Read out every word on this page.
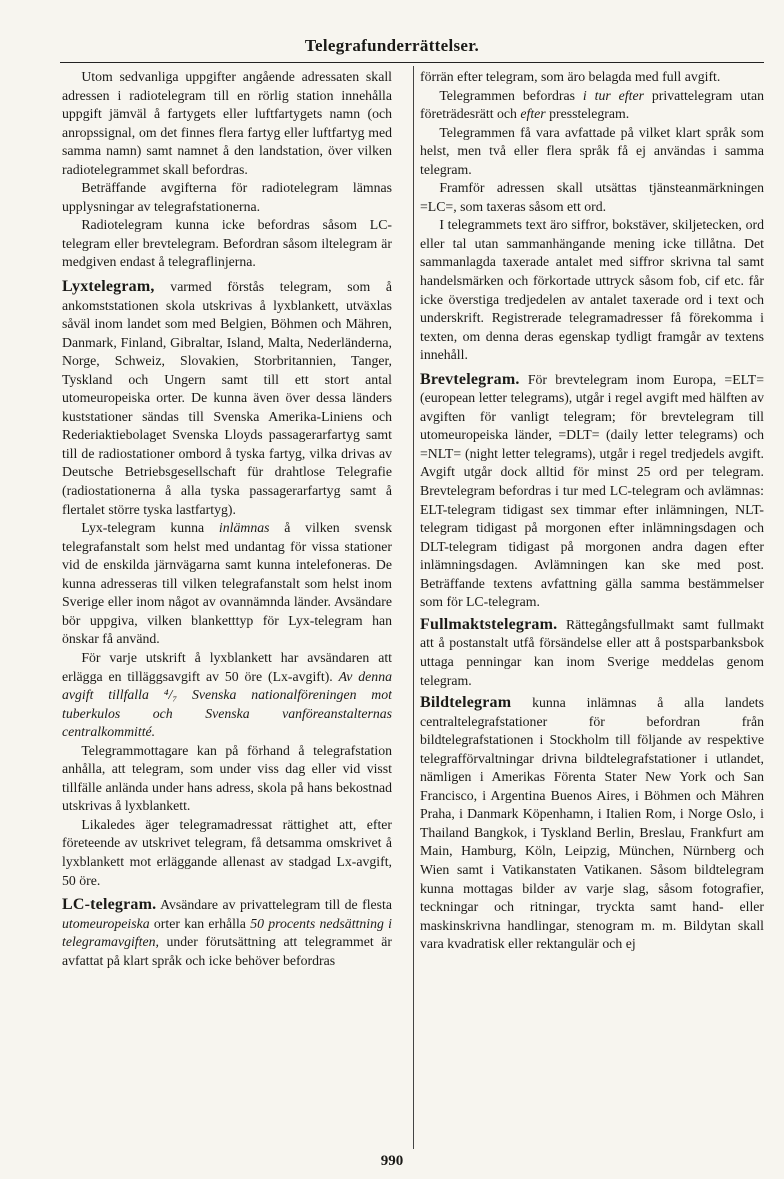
Telegrafunderrättelser.

Utom sedvanliga uppgifter angående adressaten skall adressen i radiotelegram till en rörlig station innehålla uppgift jämväl å fartygets eller luftfartygets namn (och anropssignal, om det finnes flera fartyg eller luftfartyg med samma namn) samt namnet å den landstation, över vilken radiotelegrammet skall befordras.

Beträffande avgifterna för radiotelegram lämnas upplysningar av telegrafstationerna.

Radiotelegram kunna icke befordras såsom LC-telegram eller brevtelegram. Befordran såsom iltelegram är medgiven endast å telegraflinjerna.

Lyxtelegram, varmed förstås telegram, som å ankomststationen skola utskrivas å lyxblankett, utväxlas såväl inom landet som med Belgien, Böhmen och Mähren, Danmark, Finland, Gibraltar, Island, Malta, Nederländerna, Norge, Schweiz, Slovakien, Storbritannien, Tanger, Tyskland och Ungern samt till ett stort antal utomeuropeiska orter. De kunna även över dessa länders kuststationer sändas till Svenska Amerika-Liniens och Rederiaktiebolaget Svenska Lloyds passagerarfartyg samt till de radiostationer ombord å tyska fartyg, vilka drivas av Deutsche Betriebsgesellschaft für drahtlose Telegrafie (radiostationerna å alla tyska passagerarfartyg samt å flertalet större tyska lastfartyg).

Lyx-telegram kunna inlämnas å vilken svensk telegrafanstalt som helst med undantag för vissa stationer vid de enskilda järnvägarna samt kunna intelefoneras. De kunna adresseras till vilken telegrafanstalt som helst inom Sverige eller inom något av ovannämnda länder. Avsändare bör uppgiva, vilken blanketttyp för Lyx-telegram han önskar få använd.

För varje utskrift å lyxblankett har avsändaren att erlägga en tilläggsavgift av 50 öre (Lx-avgift). Av denna avgift tillfalla ⁴/₇ Svenska nationalföreningen mot tuberkulos och Svenska vanföreanstalternas centralkommitté.

Telegrammottagare kan på förhand å telegrafstation anhålla, att telegram, som under viss dag eller vid visst tillfälle anlända under hans adress, skola på hans bekostnad utskrivas å lyxblankett.

Likaledes äger telegramadressat rättighet att, efter företeende av utskrivet telegram, få detsamma omskrivet å lyxblankett mot erläggande allenast av stadgad Lx-avgift, 50 öre.

LC-telegram. Avsändare av privattelegram till de flesta utomeuropeiska orter kan erhålla 50 procents nedsättning i telegramavgiften, under förutsättning att telegrammet är avfattat på klart språk och icke behöver befordras

förrän efter telegram, som äro belagda med full avgift.

Telegrammen befordras i tur efter privattelegram utan företrädesrätt och efter presstelegram.

Telegrammen få vara avfattade på vilket klart språk som helst, men två eller flera språk få ej användas i samma telegram.

Framför adressen skall utsättas tjänsteanmärkningen =LC=, som taxeras såsom ett ord.

I telegrammets text äro siffror, bokstäver, skiljetecken, ord eller tal utan sammanhängande mening icke tillåtna. Det sammanlagda taxerade antalet med siffror skrivna tal samt handelsmärken och förkortade uttryck såsom fob, cif etc. får icke överstiga tredjedelen av antalet taxerade ord i text och underskrift. Registrerade telegramadresser få förekomma i texten, om denna deras egenskap tydligt framgår av textens innehåll.

Brevtelegram. För brevtelegram inom Europa, =ELT= (european letter telegrams), utgår i regel avgift med hälften av avgiften för vanligt telegram; för brevtelegram till utomeuropeiska länder, =DLT= (daily letter telegrams) och =NLT= (night letter telegrams), utgår i regel tredjedels avgift. Avgift utgår dock alltid för minst 25 ord per telegram. Brevtelegram befordras i tur med LC-telegram och avlämnas: ELT-telegram tidigast sex timmar efter inlämningen, NLT-telegram tidigast på morgonen efter inlämningsdagen och DLT-telegram tidigast på morgonen andra dagen efter inlämningsdagen. Avlämningen kan ske med post. Beträffande textens avfattning gälla samma bestämmelser som för LC-telegram.

Fullmaktstelegram. Rättegångsfullmakt samt fullmakt att å postanstalt utfå försändelse eller att å postsparbanksbok uttaga penningar kan inom Sverige meddelas genom telegram.

Bildtelegram kunna inlämnas å alla landets centraltelegrafstationer för befordran från bildtelegrafstationen i Stockholm till följande av respektive telegrafförvaltningar drivna bildtelegrafstationer i utlandet, nämligen i Amerikas Förenta Stater New York och San Francisco, i Argentina Buenos Aires, i Böhmen och Mähren Praha, i Danmark Köpenhamn, i Italien Rom, i Norge Oslo, i Thailand Bangkok, i Tyskland Berlin, Breslau, Frankfurt am Main, Hamburg, Köln, Leipzig, München, Nürnberg och Wien samt i Vatikanstaten Vatikanen. Såsom bildtelegram kunna mottagas bilder av varje slag, såsom fotografier, teckningar och ritningar, tryckta samt hand- eller maskinskrivna handlingar, stenogram m. m. Bildytan skall vara kvadratisk eller rektangulär och ej

990
